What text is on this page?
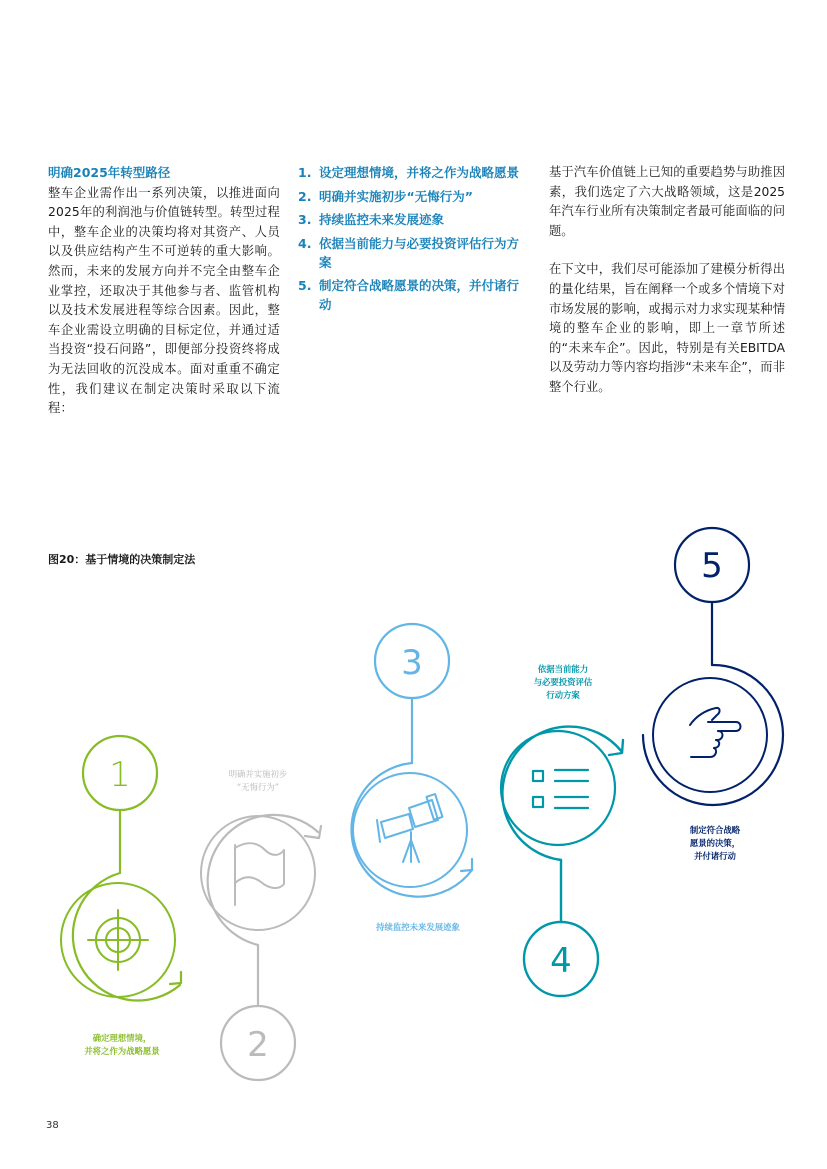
明确2025年转型路径

整车企业需作出一系列决策，以推进面向2025年的利润池与价值链转型。转型过程中，整车企业的决策均将对其资产、人员以及供应结构产生不可逆转的重大影响。然而，未来的发展方向并不完全由整车企业掌控，还取决于其他参与者、监管机构以及技术发展进程等综合因素。因此，整车企业需设立明确的目标定位，并通过适当投资“投石问路”，即便部分投资终将成为无法回收的沉没成本。面对重重不确定性，我们建议在制定决策时采取以下流程：

1. 设定理想情境，并将之作为战略愿景
2. 明确并实施初步“无悔行为”
3. 持续监控未来发展迹象
4. 依据当前能力与必要投资评估行为方案
5. 制定符合战略愿景的决策，并付诸行动

基于汽车价值链上已知的重要趋势与助推因素，我们选定了六大战略领域，这是2025年汽车行业所有决策制定者最可能面临的问题。

在下文中，我们尽可能添加了建模分析得出的量化结果，旨在阐释一个或多个情境下对市场发展的影响，或揭示对力求实现某种情境的整车企业的影响，即上一章节所述的“未来车企”。因此，特别是有关EBITDA以及劳动力等内容均指涉“未来车企”，而非整个行业。

图20：基于情境的决策制定法
1
2
3
4
5
确定理想情境，
并将之作为战略愿景
明确并实施初步
“无悔行为”
持续监控未来发展迹象
依据当前能力
与必要投资评估
行动方案
制定符合战略
愿景的决策，
并付诸行动
38
